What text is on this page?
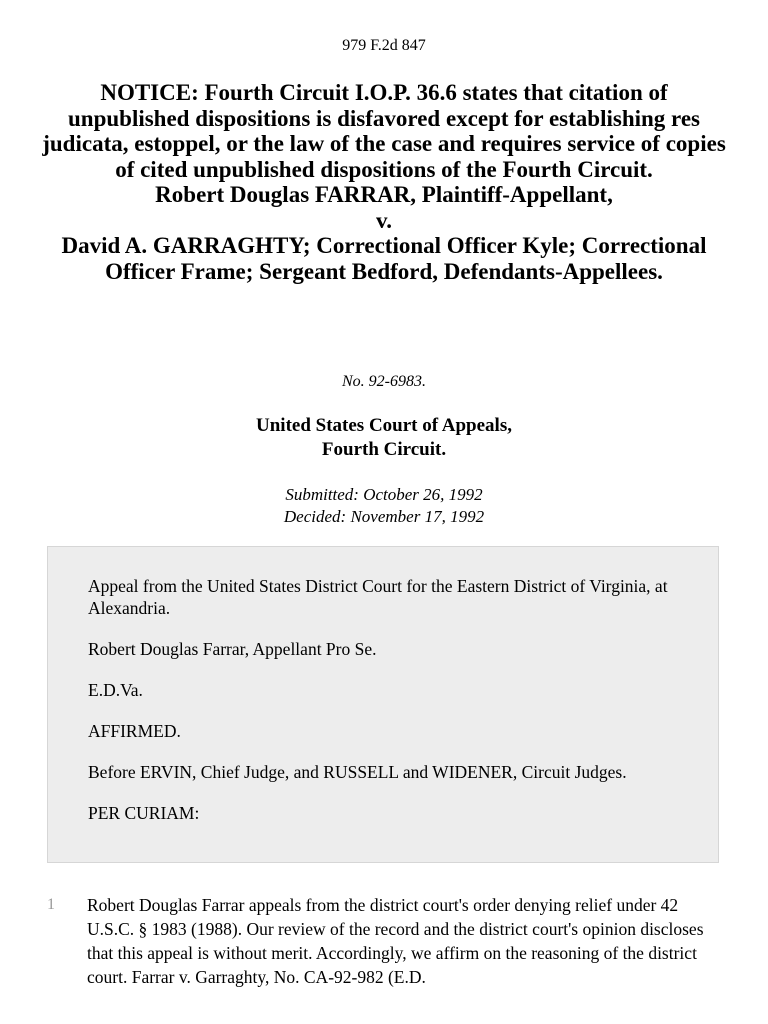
979 F.2d 847
NOTICE: Fourth Circuit I.O.P. 36.6 states that citation of unpublished dispositions is disfavored except for establishing res judicata, estoppel, or the law of the case and requires service of copies of cited unpublished dispositions of the Fourth Circuit.
Robert Douglas FARRAR, Plaintiff-Appellant,
v.
David A. GARRAGHTY; Correctional Officer Kyle; Correctional Officer Frame; Sergeant Bedford, Defendants-Appellees.
No. 92-6983.
United States Court of Appeals,
Fourth Circuit.
Submitted: October 26, 1992
Decided: November 17, 1992

Appeal from the United States District Court for the Eastern District of Virginia, at Alexandria.

Robert Douglas Farrar, Appellant Pro Se.

E.D.Va.

AFFIRMED.

Before ERVIN, Chief Judge, and RUSSELL and WIDENER, Circuit Judges.

PER CURIAM:

1 Robert Douglas Farrar appeals from the district court's order denying relief under 42 U.S.C. § 1983 (1988). Our review of the record and the district court's opinion discloses that this appeal is without merit. Accordingly, we affirm on the reasoning of the district court. Farrar v. Garraghty, No. CA-92-982 (E.D.
